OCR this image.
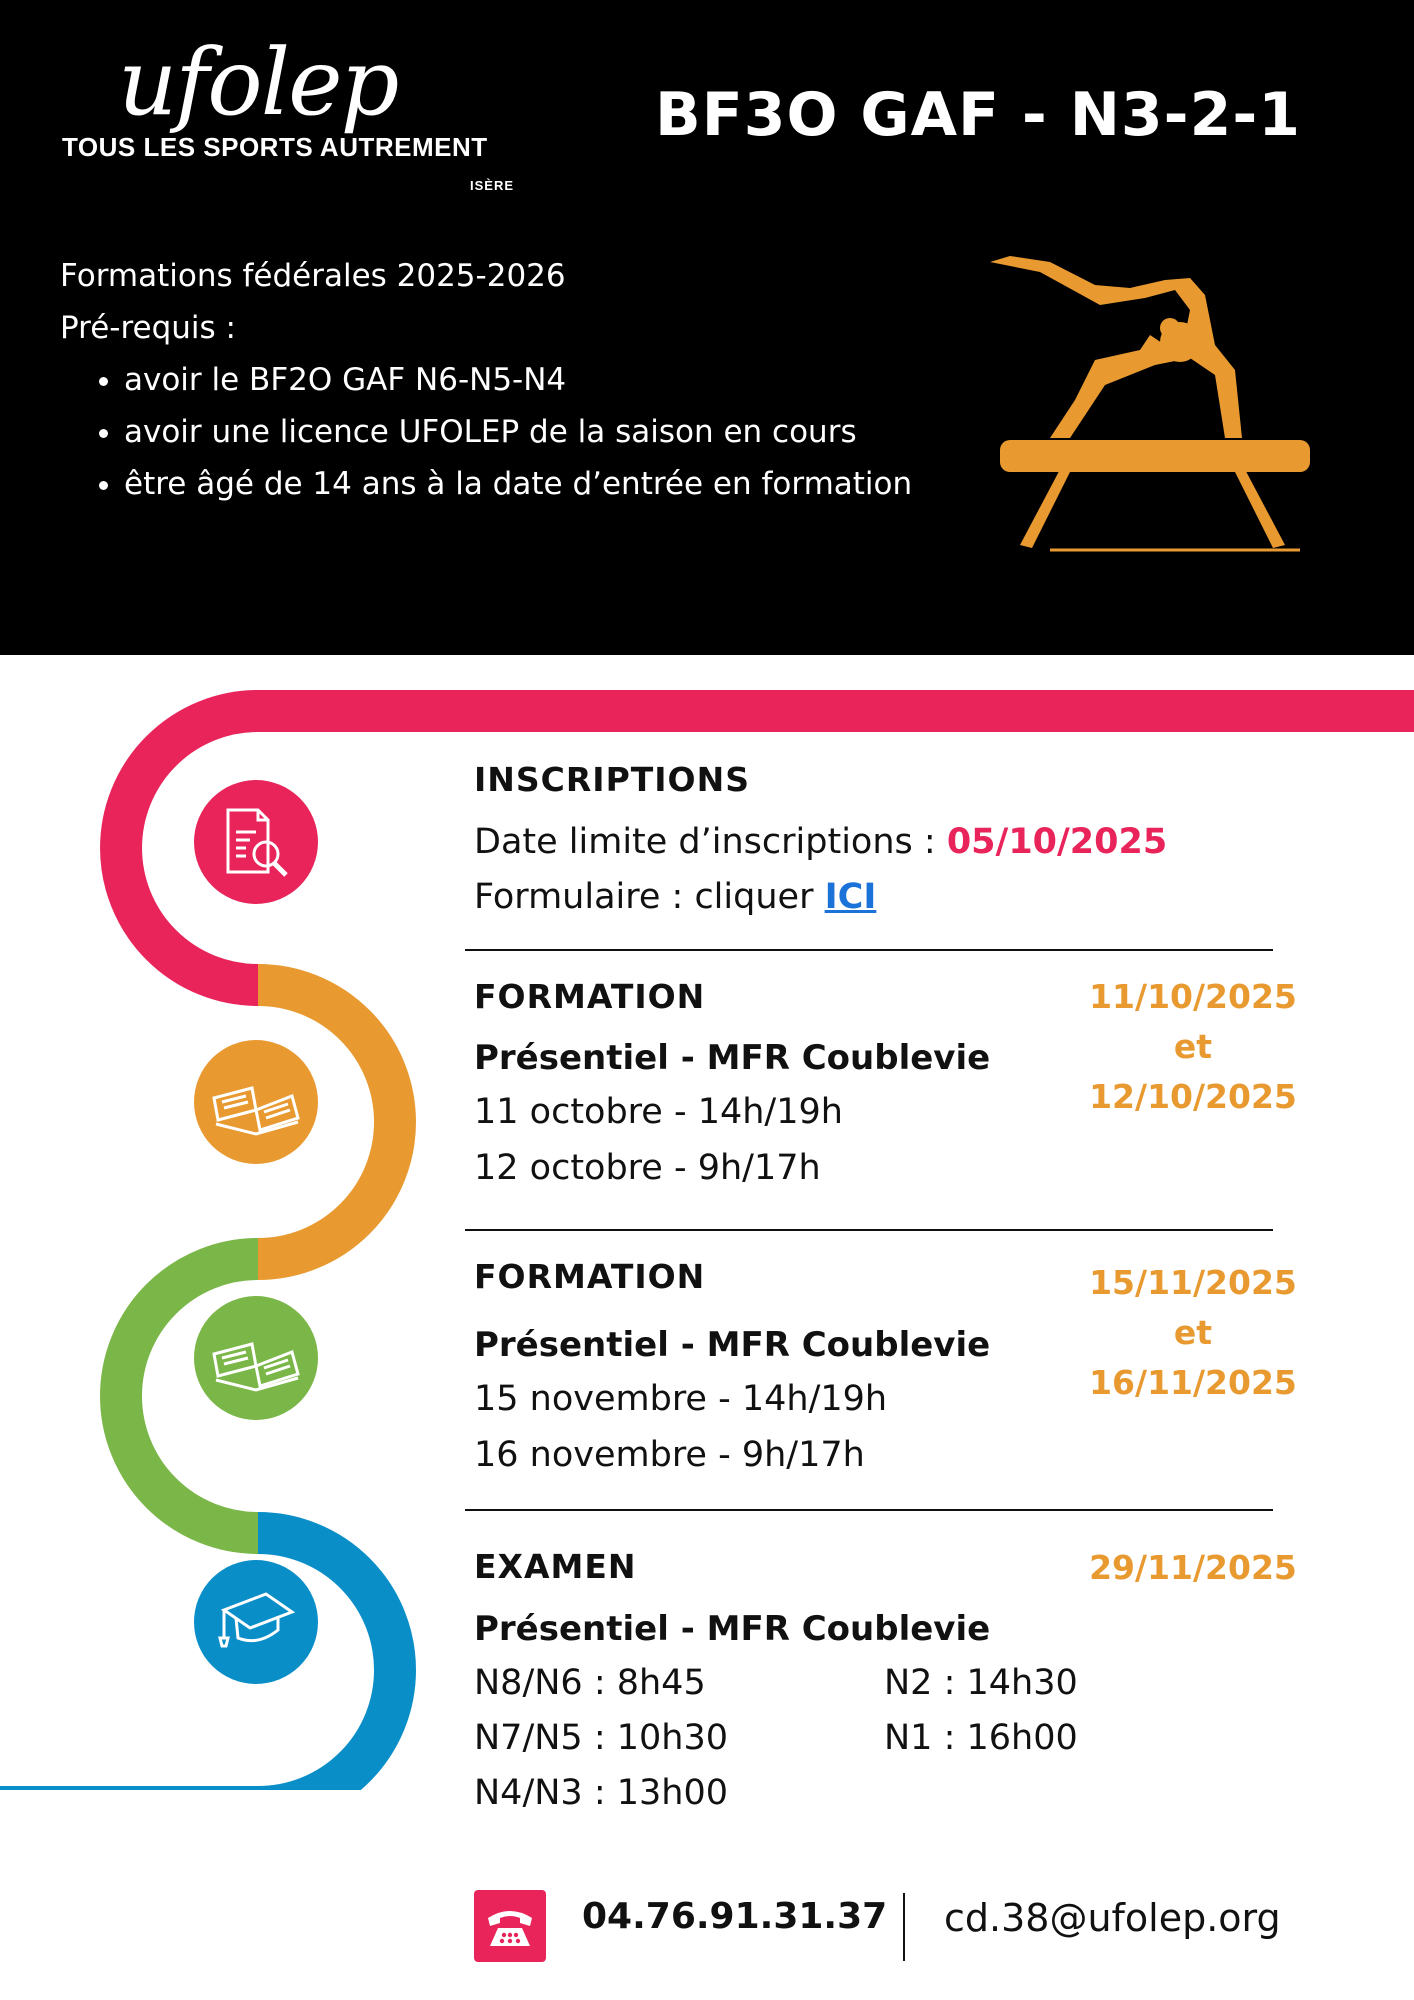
ufolep
TOUS LES SPORTS AUTREMENT
ISÈRE
BF3O GAF - N3-2-1
Formations fédérales 2025-2026
Pré-requis :
• avoir le BF2O GAF N6-N5-N4
• avoir une licence UFOLEP de la saison en cours
• être âgé de 14 ans à la date d’entrée en formation
INSCRIPTIONS
Date limite d’inscriptions : 05/10/2025
Formulaire : cliquer ICI
FORMATION
Présentiel - MFR Coublevie
11 octobre - 14h/19h
12 octobre - 9h/17h
11/10/2025
et
12/10/2025
FORMATION
Présentiel - MFR Coublevie
15 novembre - 14h/19h
16 novembre - 9h/17h
15/11/2025
et
16/11/2025
EXAMEN	29/11/2025
Présentiel - MFR Coublevie
N8/N6 : 8h45
N7/N5 : 10h30
N4/N3 : 13h00
N2 : 14h30
N1 : 16h00
04.76.91.31.37 cd.38@ufolep.org
